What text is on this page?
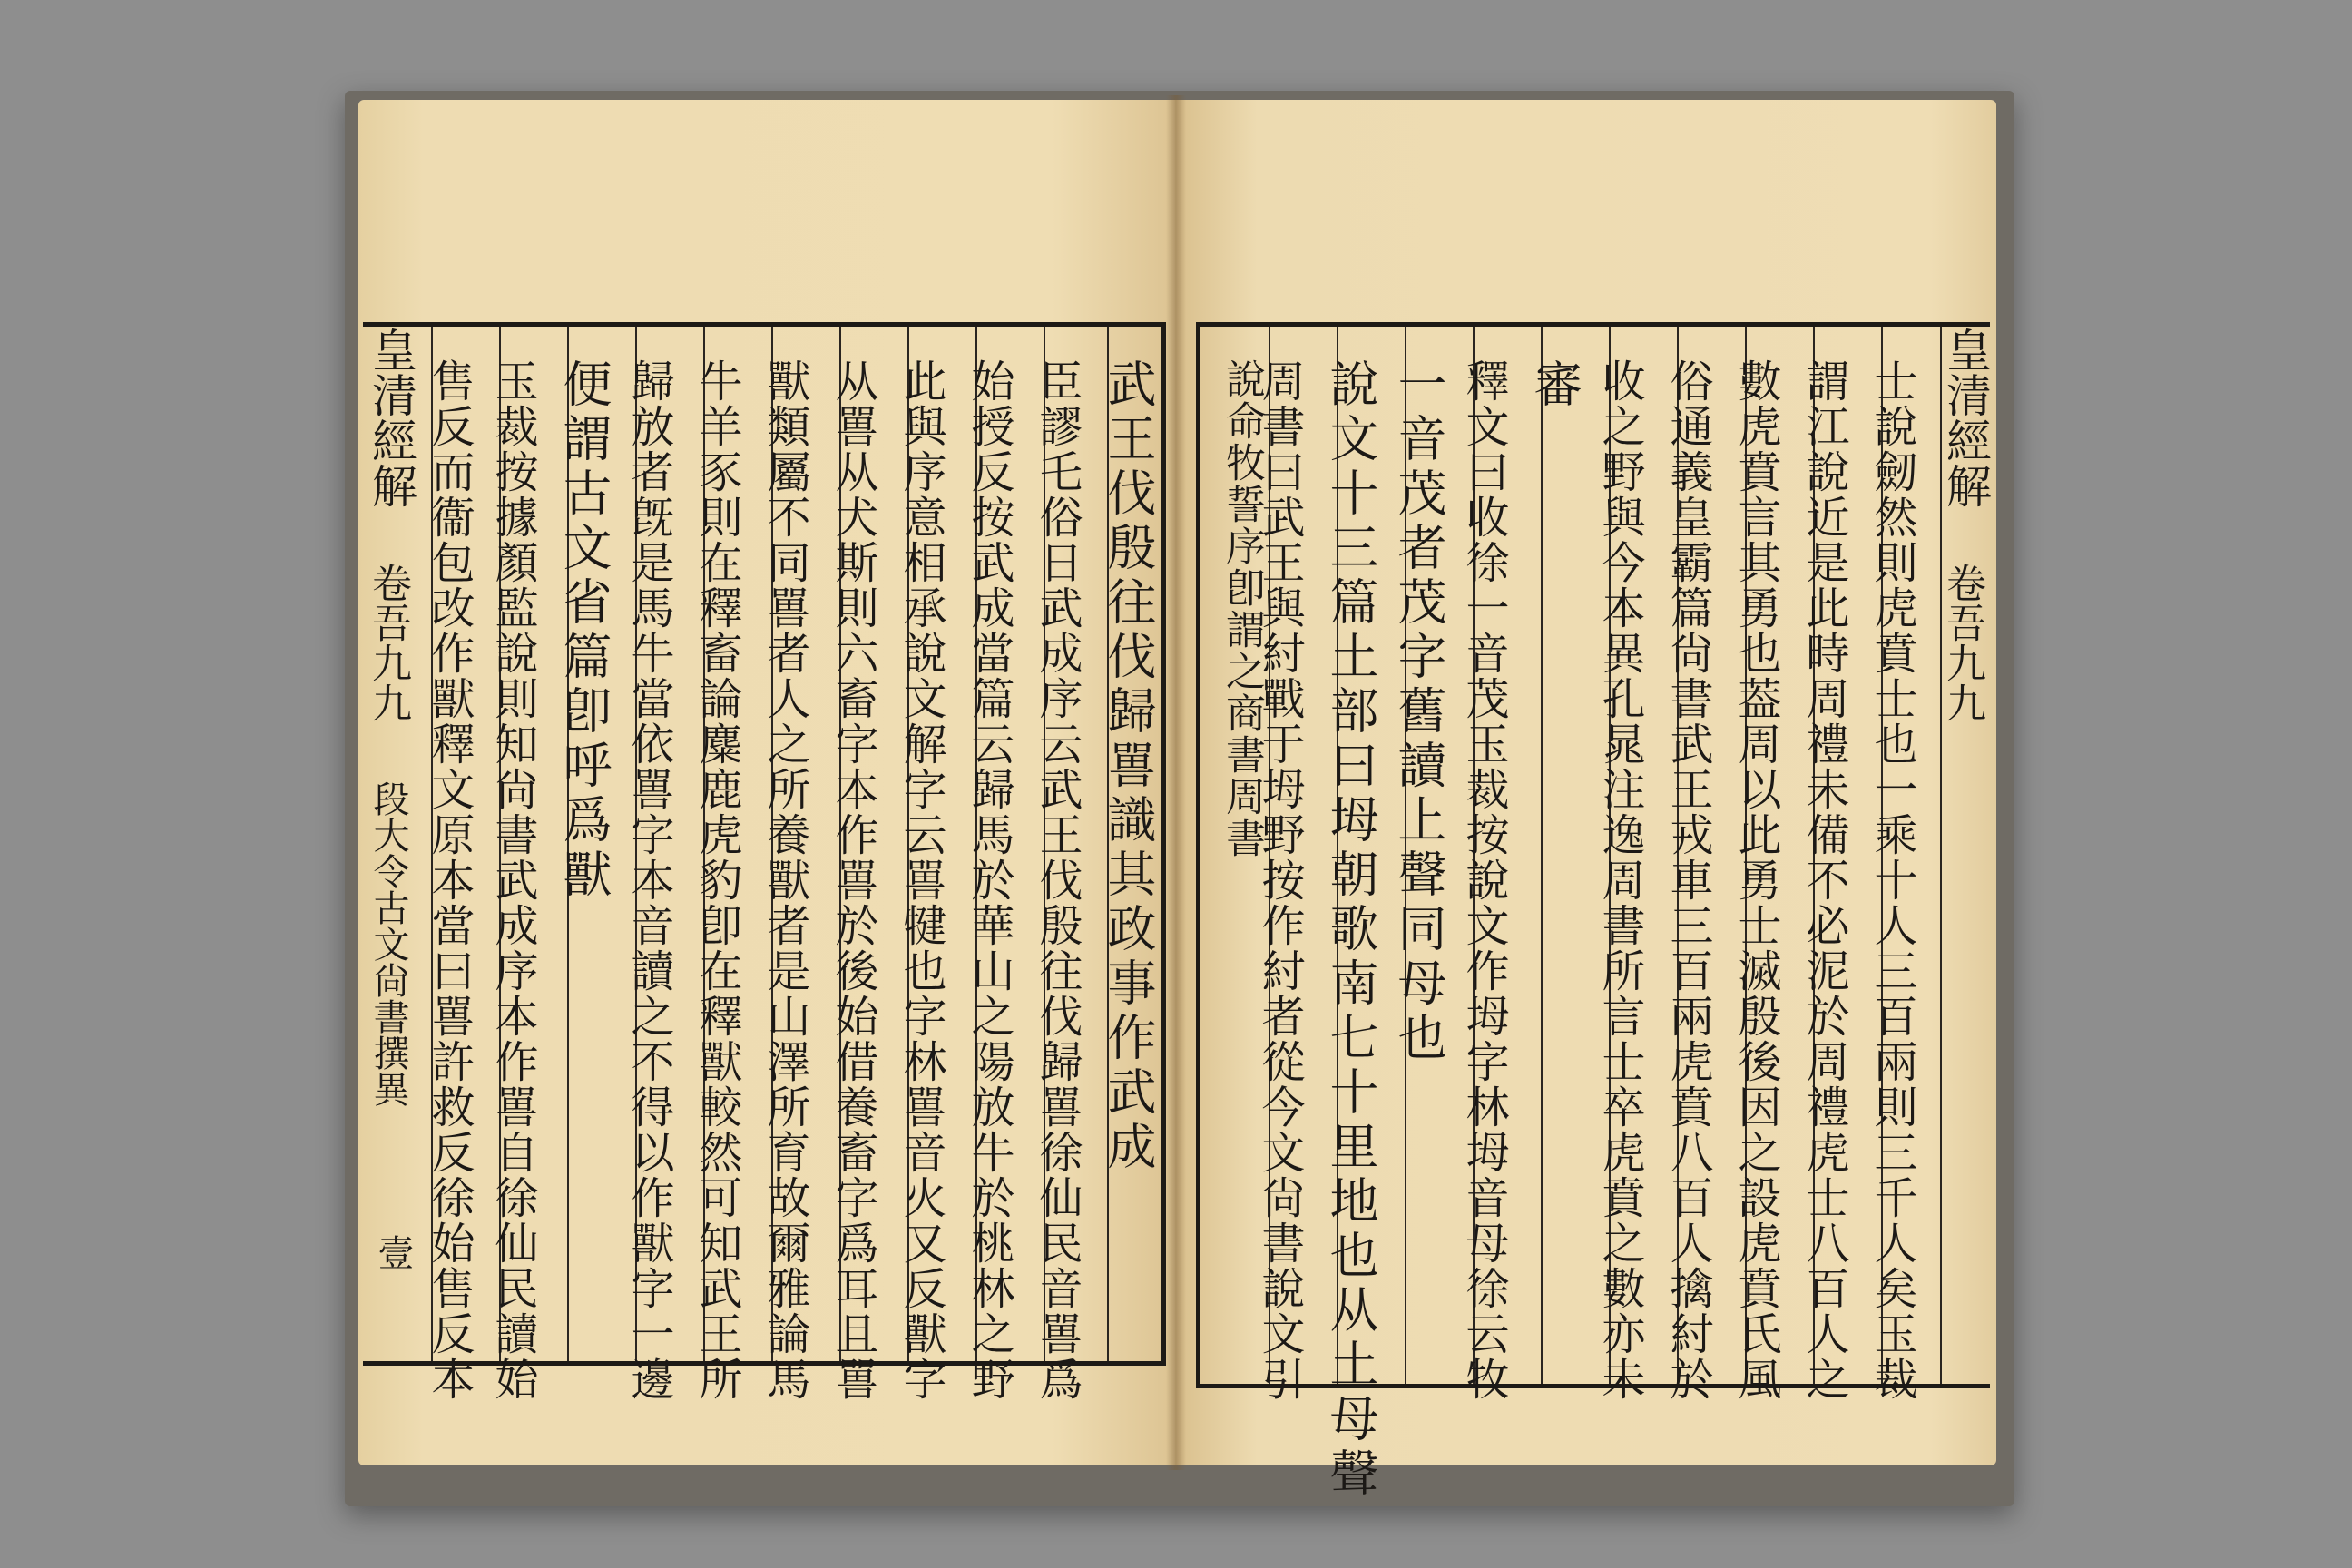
皇清經解
卷吾九九
段大令古文尙書撰異
壹
武王伐殷往伐歸嘼識其政事作武成
臣謬乇俗日武成序云武王伐殷往伐歸嘼徐仙民音嘼爲
始授反按武成當篇云歸馬於華山之陽放牛於桃林之野
此與序意相承說文解字云嘼犍也字林嘼音火又反獸字
从嘼从犬斯則六畜字本作嘼於後始借養畜字爲耳且嘼
獸類屬不同嘼者人之所養獸者是山澤所育故爾雅論馬
牛羊豕則在釋畜論麋鹿虎豹卽在釋獸較然可知武王所
歸放者旣是馬牛當依嘼字本音讀之不得以作獸字一邊
便謂古文省篇卽呼爲獸
玉裁按據顏監說則知尙書武成序本作嘼自徐仙民讀始
售反而衞包改作獸釋文原本當曰嘼許救反徐始售反本	皇清經解
卷吾九九
士說劒然則虎賁士也一乘十人三百兩則三千人矣玉裁
謂江說近是此時周禮未備不必泥於周禮虎士八百人之
數虎賁言其勇也葢周以此勇士滅殷後因之設虎賁氏風
俗通義皇霸篇尙書武王戎車三百兩虎賁八百人擒紂於
收之野與今本異孔晁注逸周書所言士卒虎賁之數亦未
審
釋文曰收徐一音茂玉裁按說文作坶字林坶音母徐云牧
一音茂者茂字舊讀上聲同母也
說文十三篇土部曰坶朝歌南七十里地也从土母聲
周書曰武王與紂戰于坶野按作紂者從今文尙書說文引
說命牧誓序卽謂之商書周書
